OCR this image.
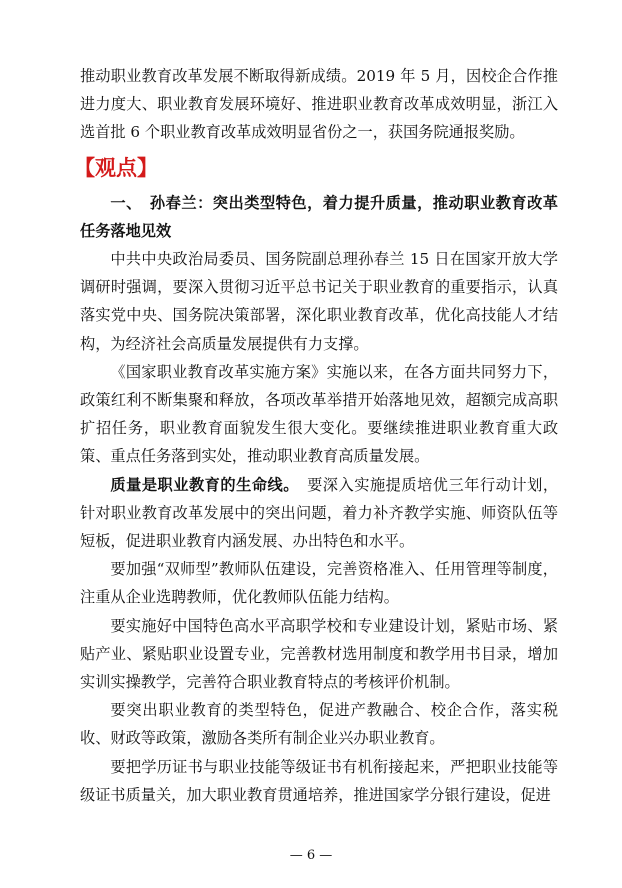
推动职业教育改革发展不断取得新成绩。2019 年 5 月，因校企合作推进力度大、职业教育发展环境好、推进职业教育改革成效明显，浙江入选首批 6 个职业教育改革成效明显省份之一，获国务院通报奖励。

【观点】

一、　孙春兰：突出类型特色，着力提升质量，推动职业教育改革任务落地见效

中共中央政治局委员、国务院副总理孙春兰 15 日在国家开放大学调研时强调，要深入贯彻习近平总书记关于职业教育的重要指示，认真落实党中央、国务院决策部署，深化职业教育改革，优化高技能人才结构，为经济社会高质量发展提供有力支撑。

《国家职业教育改革实施方案》实施以来，在各方面共同努力下，政策红利不断集聚和释放，各项改革举措开始落地见效，超额完成高职扩招任务，职业教育面貌发生很大变化。要继续推进职业教育重大政策、重点任务落到实处，推动职业教育高质量发展。

质量是职业教育的生命线。　要深入实施提质培优三年行动计划，针对职业教育改革发展中的突出问题，着力补齐教学实施、师资队伍等短板，促进职业教育内涵发展、办出特色和水平。

要加强“双师型”教师队伍建设，完善资格准入、任用管理等制度，注重从企业选聘教师，优化教师队伍能力结构。

要实施好中国特色高水平高职学校和专业建设计划，紧贴市场、紧贴产业、紧贴职业设置专业，完善教材选用制度和教学用书目录，增加实训实操教学，完善符合职业教育特点的考核评价机制。

要突出职业教育的类型特色，促进产教融合、校企合作，落实税收、财政等政策，激励各类所有制企业兴办职业教育。

要把学历证书与职业技能等级证书有机衔接起来，严把职业技能等级证书质量关，加大职业教育贯通培养，推进国家学分银行建设，促进

— 6 —
